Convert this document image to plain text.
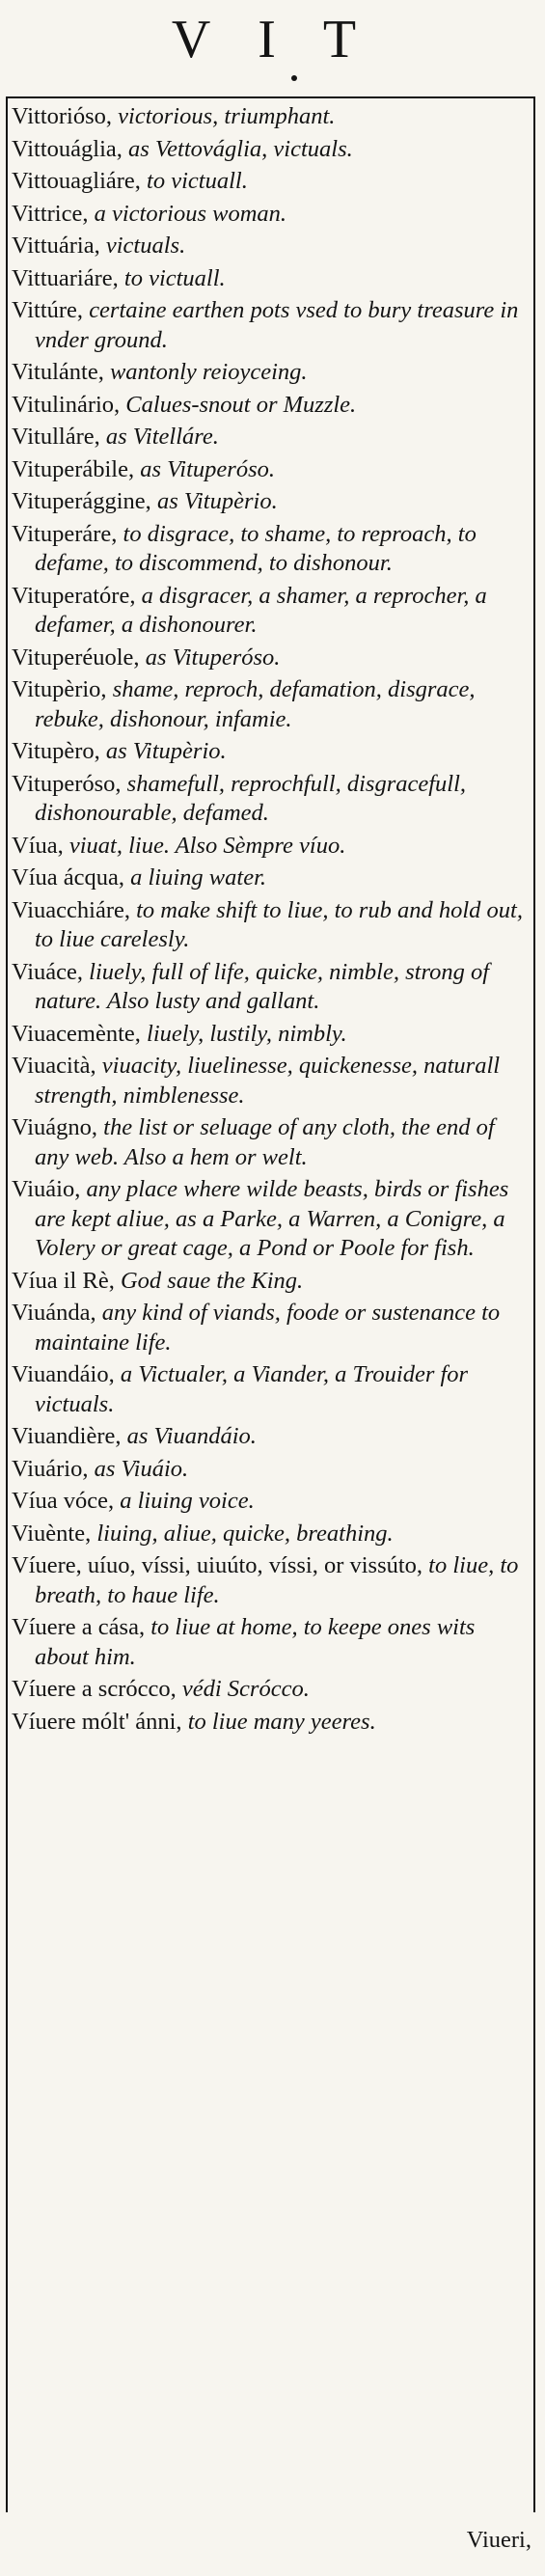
V I T
Vittorióso, victorious, triumphant.
Vittouáglia, as Vettováglia, victuals.
Vittouagliáre, to victuall.
Vittrice, a victorious woman.
Vittuária, victuals.
Vittuariáre, to victuall.
Vittúre, certaine earthen pots vsed to bury treasure in vnder ground.
Vitulánte, wantonly reioyceing.
Vitulinário, Calues-snout or Muzzle.
Vitulláre, as Vitelláre.
Vituperábile, as Vituperóso.
Vituperággine, as Vitupèrio.
Vituperáre, to disgrace, to shame, to reproach, to defame, to discommend, to dishonour.
Vituperatóre, a disgracer, a shamer, a reprocher, a defamer, a dishonourer.
Vituperéuole, as Vituperóso.
Vitupèrio, shame, reproch, defamation, disgrace, rebuke, dishonour, infamie.
Vitupèro, as Vitupèrio.
Vituperóso, shamefull, reprochfull, disgracefull, dishonourable, defamed.
Víua, viuat, liue. Also Sèmpre víuo.
Víua ácqua, a liuing water.
Viuacchiáre, to make shift to liue, to rub and hold out, to liue carelesly.
Viuáce, liuely, full of life, quicke, nimble, strong of nature. Also lusty and gallant.
Viuacemènte, liuely, lustily, nimbly.
Viuacità, viuacity, liuelinesse, quickenesse, naturall strength, nimblenesse.
Viuágno, the list or seluage of any cloth, the end of any web. Also a hem or welt.
Viuáio, any place where wilde beasts, birds or fishes are kept aliue, as a Parke, a Warren, a Conigre, a Volery or great cage, a Pond or Poole for fish.
Víua il Rè, God saue the King.
Viuánda, any kind of viands, foode or sustenance to maintaine life.
Viuandáio, a Victualer, a Viander, a Trouider for victuals.
Viuandière, as Viuandáio.
Viuário, as Viuáio.
Víua vóce, a liuing voice.
Viuènte, liuing, aliue, quicke, breathing.
Víuere, uíuo, víssi, uiuúto, víssi, or vissúto, to liue, to breath, to haue life.
Víuere a cása, to liue at home, to keepe ones wits about him.
Víuere a scrócco, védi Scrócco.
Víuere mólt' ánni, to liue many yeeres.
Viueri,
